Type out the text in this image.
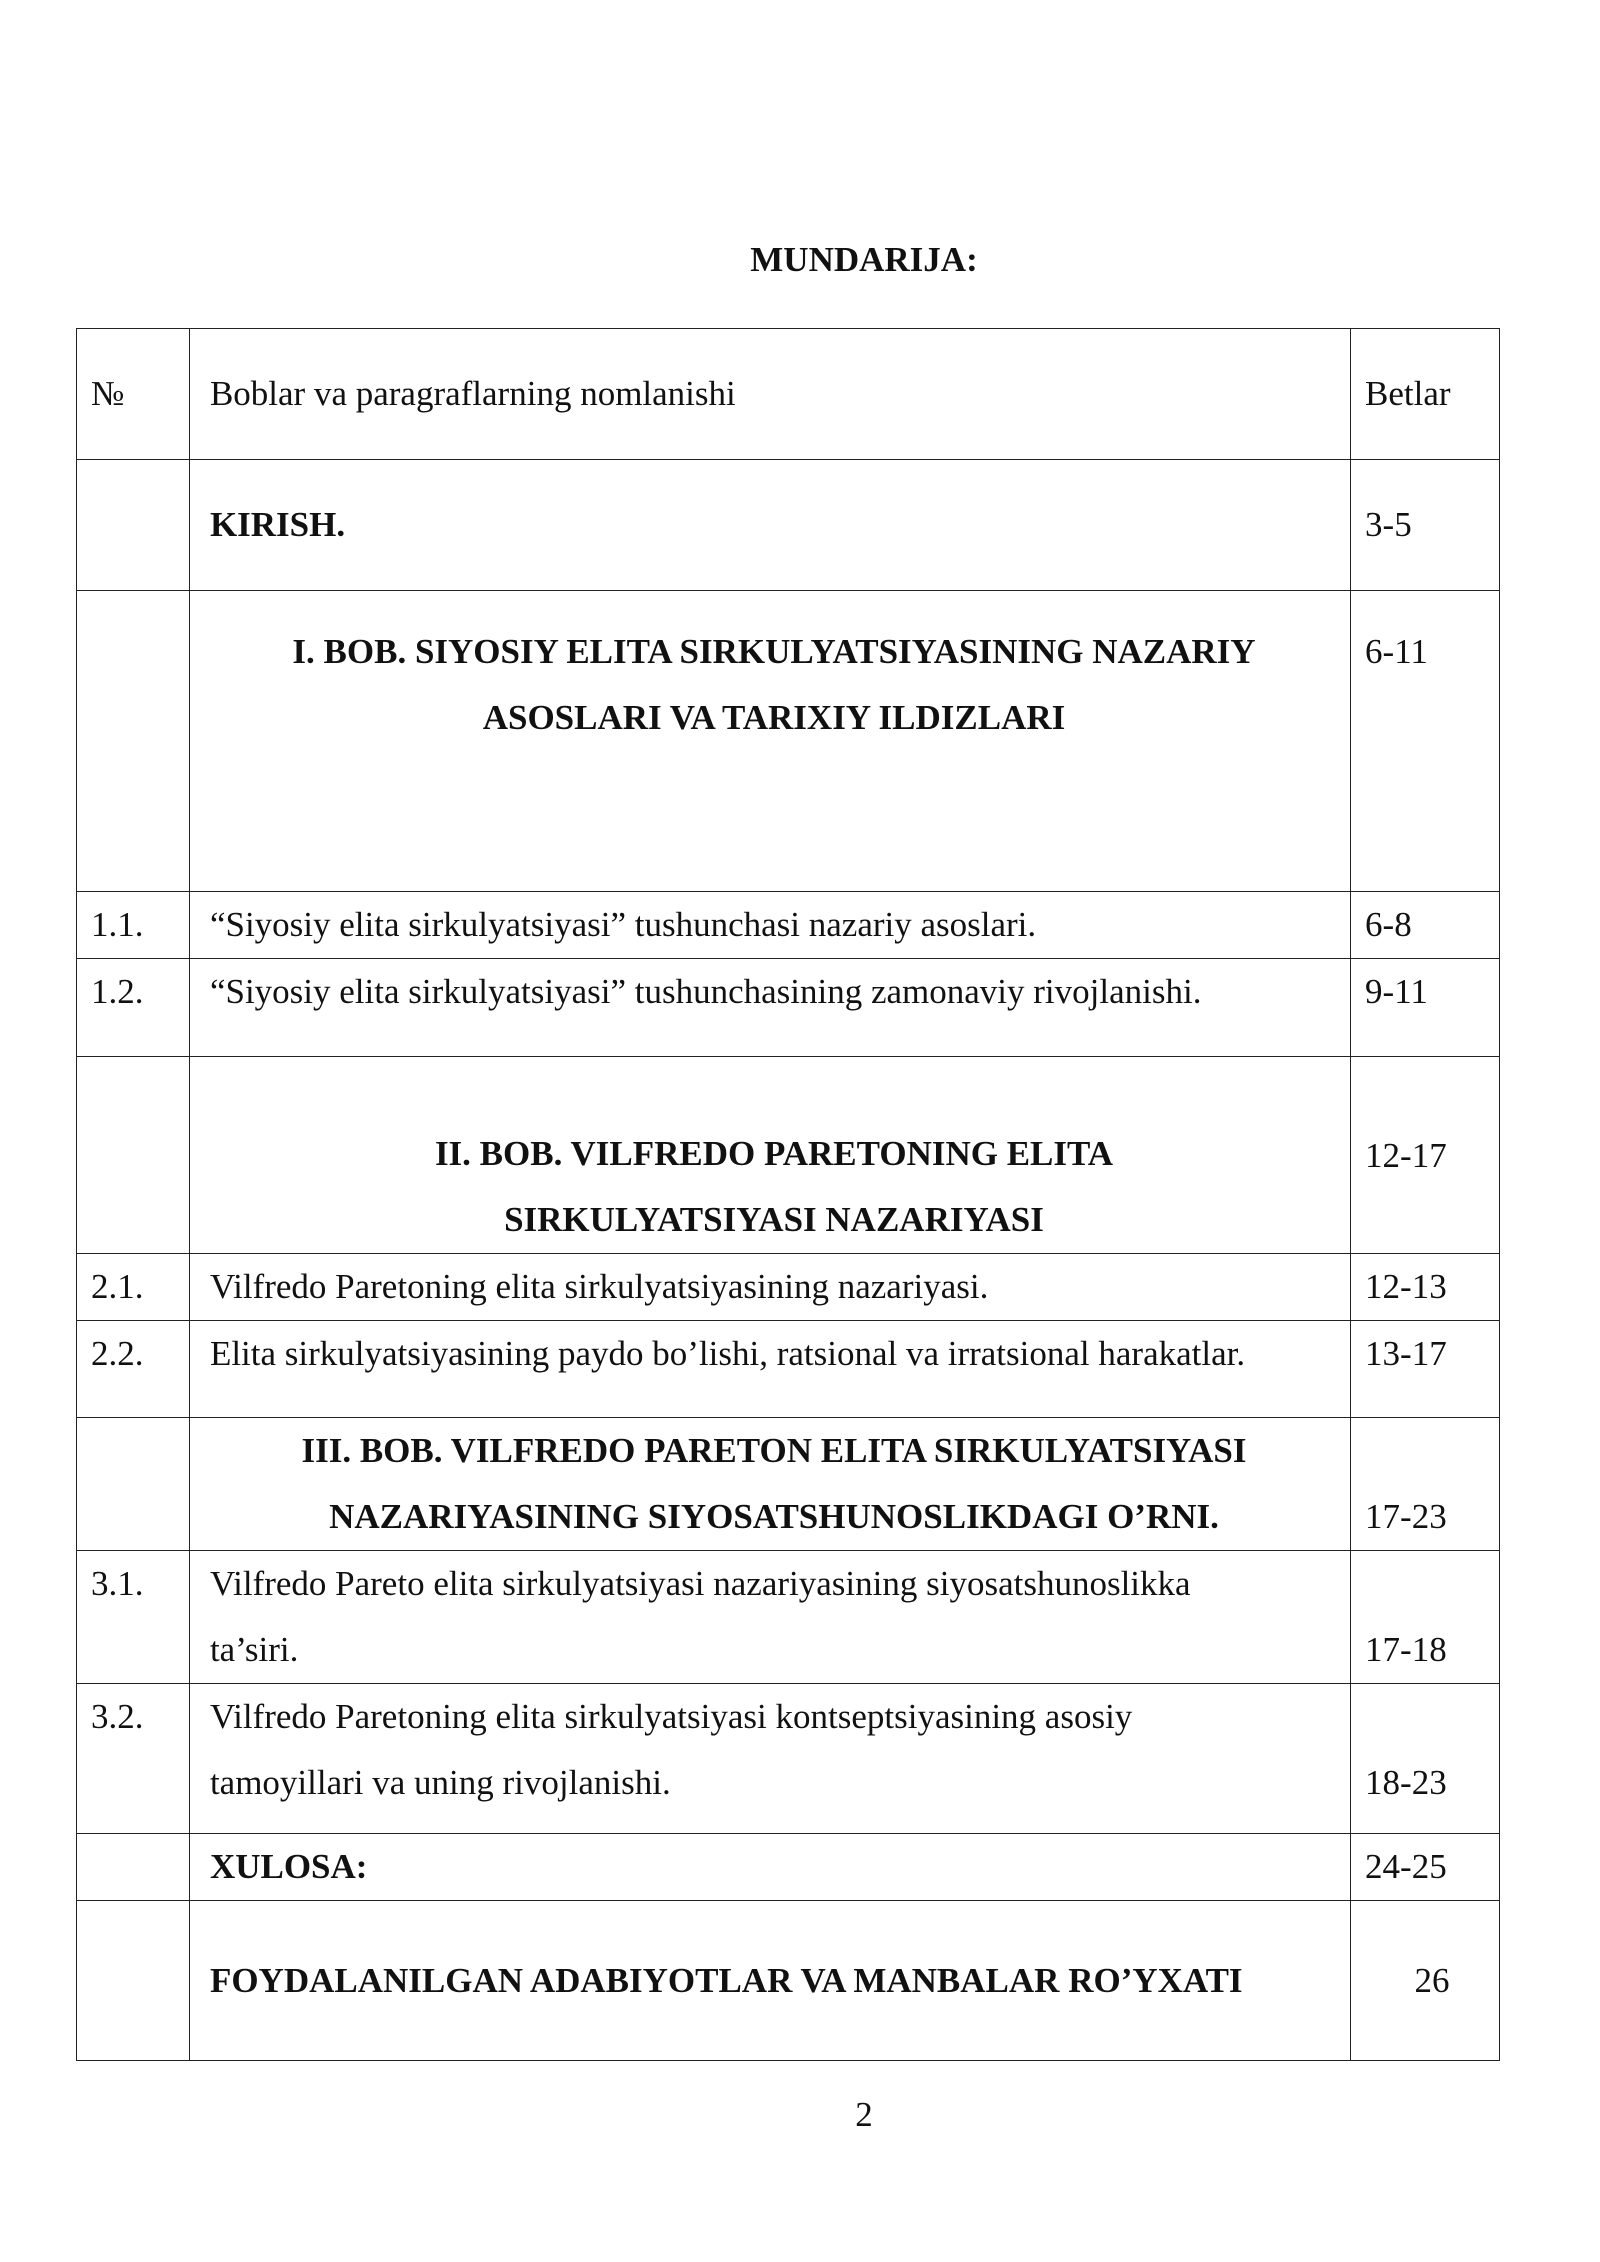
MUNDARIJA:
№	Boblar va paragraflarning nomlanishi	Betlar
	KIRISH.	3-5

	I. BOB. SIYOSIY ELITA SIRKULYATSIYASINING NAZARIY
ASOSLARI VA TARIXIY ILDIZLARI	6-11
1.1.	“Siyosiy elita sirkulyatsiyasi” tushunchasi nazariy asoslari.	6-8
1.2.	“Siyosiy elita sirkulyatsiyasi” tushunchasining zamonaviy rivojlanishi.	9-11

	II. BOB. VILFREDO PARETONING ELITA
SIRKULYATSIYASI NAZARIYASI	12-17
2.1.	Vilfredo Paretoning elita sirkulyatsiyasining nazariyasi.	12-13
2.2.	Elita sirkulyatsiyasining paydo bo’lishi, ratsional va irratsional harakatlar.	13-17

	III. BOB. VILFREDO PARETON ELITA SIRKULYATSIYASI
NAZARIYASINING SIYOSATSHUNOSLIKDAGI O’RNI.	17-23
3.1.	Vilfredo Pareto elita sirkulyatsiyasi nazariyasining siyosatshunoslikka
ta’siri.	17-18
3.2.	Vilfredo Paretoning elita sirkulyatsiyasi kontseptsiyasining asosiy
tamoyillari va uning rivojlanishi.	18-23
	XULOSA:	24-25
	FOYDALANILGAN ADABIYOTLAR VA MANBALAR RO’YXATI	26
2
